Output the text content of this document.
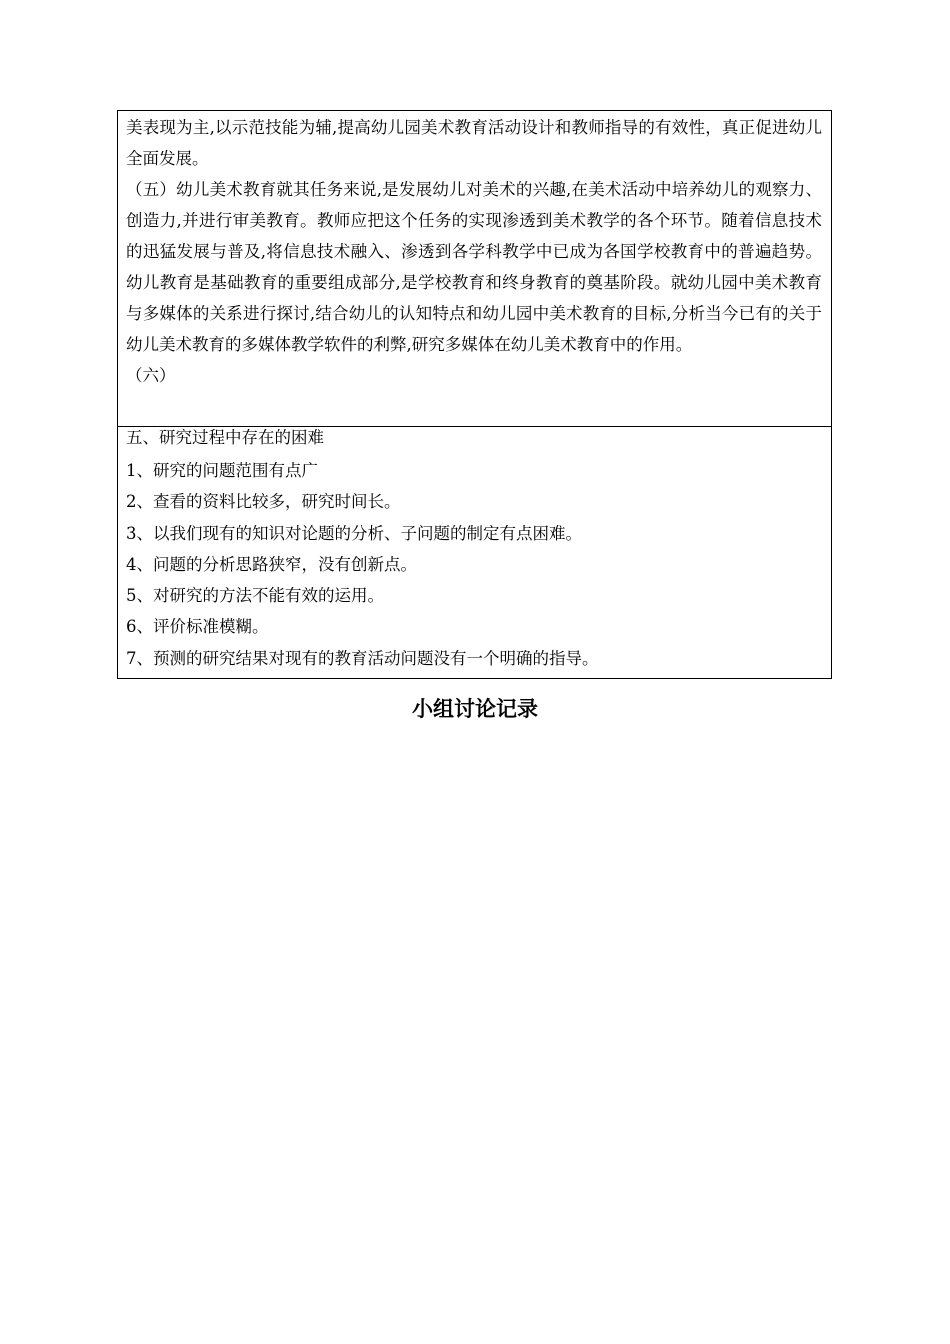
美表现为主,以示范技能为辅,提高幼儿园美术教育活动设计和教师指导的有效性，真正促进幼儿全面发展。

（五）幼儿美术教育就其任务来说,是发展幼儿对美术的兴趣,在美术活动中培养幼儿的观察力、创造力,并进行审美教育。教师应把这个任务的实现渗透到美术教学的各个环节。随着信息技术的迅猛发展与普及,将信息技术融入、渗透到各学科教学中已成为各国学校教育中的普遍趋势。幼儿教育是基础教育的重要组成部分,是学校教育和终身教育的奠基阶段。就幼儿园中美术教育与多媒体的关系进行探讨,结合幼儿的认知特点和幼儿园中美术教育的目标,分析当今已有的关于幼儿美术教育的多媒体教学软件的利弊,研究多媒体在幼儿美术教育中的作用。

（六）

五、研究过程中存在的困难

1、研究的问题范围有点广

2、查看的资料比较多，研究时间长。

3、以我们现有的知识对论题的分析、子问题的制定有点困难。

4、问题的分析思路狭窄，没有创新点。

5、对研究的方法不能有效的运用。

6、评价标准模糊。

7、预测的研究结果对现有的教育活动问题没有一个明确的指导。

小组讨论记录
